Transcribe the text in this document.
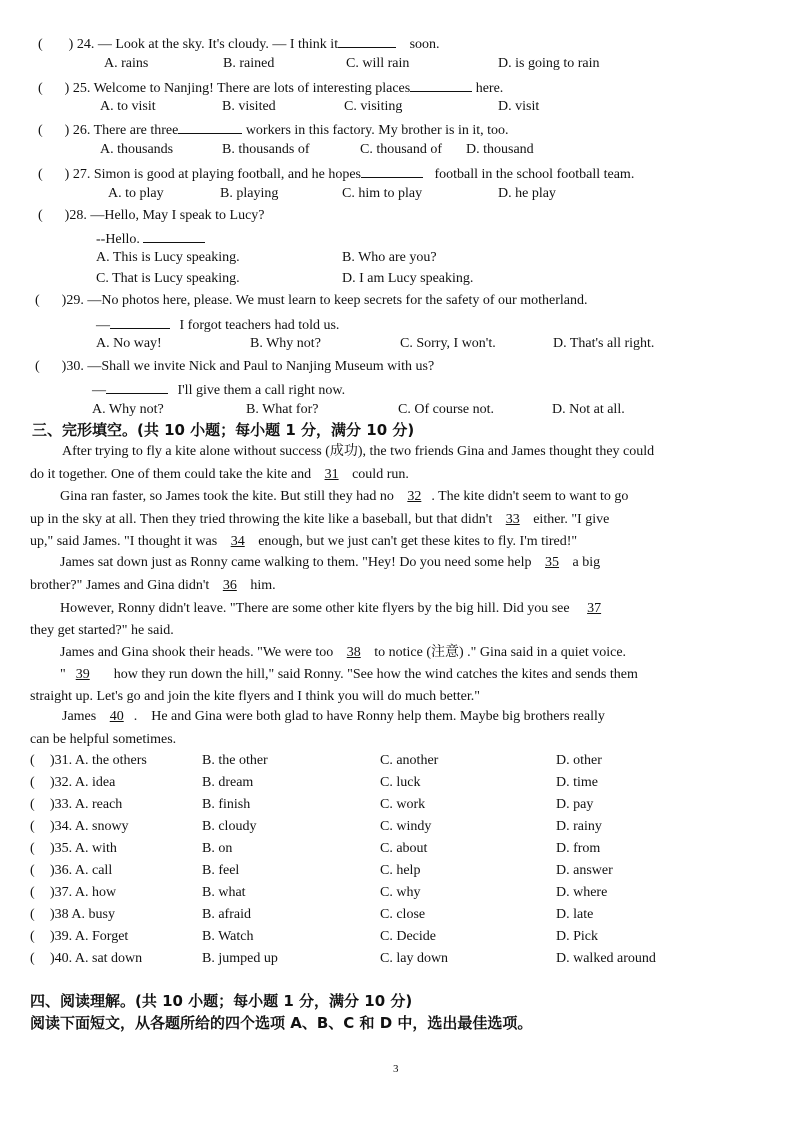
( ) 24. — Look at the sky. It's cloudy. — I think it	soon.
A. rains	B. rained	C. will rain	D. is going to rain
( ) 25. Welcome to Nanjing! There are lots of interesting places	here.
A. to visit	B. visited	C. visiting	D. visit
( ) 26. There are three	workers in this factory. My brother is in it, too.
A. thousands	B. thousands of	C. thousand of D. thousand
( ) 27. Simon is good at playing football, and he hopes	football in the school football team.
A. to play	B. playing	C. him to play	D. he play
( )28. —Hello, May I speak to Lucy?
--Hello.
A. This is Lucy speaking.	B. Who are you?
C. That is Lucy speaking.	D. I am Lucy speaking.
( )29. —No photos here, please. We must learn to keep secrets for the safety of our motherland.
—	I forgot teachers had told us.
A. No way!	B. Why not?	C. Sorry, I won't.	D. That's all right.
( )30. —Shall we invite Nick and Paul to Nanjing Museum with us?
—	I'll give them a call right now.
A. Why not?	B. What for?	C. Of course not.	D. Not at all.
三、完形填空。(共 10 小题；每小题 1 分，满分 10 分)
After trying to fly a kite alone without success (成功), the two friends Gina and James thought they could
do it together. One of them could take the kite and 31 could run.
Gina ran faster, so James took the kite. But still they had no 32 . The kite didn't seem to want to go
up in the sky at all. Then they tried throwing the kite like a baseball, but that didn't 33 either. "I give
up," said James. "I thought it was 34 enough, but we just can't get these kites to fly. I'm tired!"
James sat down just as Ronny came walking to them. "Hey! Do you need some help 35 a big
brother?" James and Gina didn't 36 him.
However, Ronny didn't leave. "There are some other kite flyers by the big hill. Did you see 37
they get started?" he said.
James and Gina shook their heads. "We were too 38 to notice (注意) ." Gina said in a quiet voice.
" 39    how they run down the hill," said Ronny. "See how the wind catches the kites and sends them
straight up. Let's go and join the kite flyers and I think you will do much better."
James 40 .    He and Gina were both glad to have Ronny help them. Maybe big brothers really
can be helpful sometimes.
( )31. A. the others	B. the other	C. another	D. other
( )32. A. idea	B. dream	C. luck	D. time
( )33. A. reach	B. finish	C. work	D. pay
( )34. A. snowy	B. cloudy	C. windy	D. rainy
( )35. A. with	B. on	C. about	D. from
( )36. A. call	B. feel	C. help	D. answer
( )37. A. how	B. what	C. why	D. where
( )38 A. busy	B. afraid	C. close	D. late
( )39. A. Forget	B. Watch	C. Decide	D. Pick
( )40. A. sat down	B. jumped up	C. lay down	D. walked around
四、阅读理解。(共 10 小题；每小题 1 分，满分 10 分)
阅读下面短文，从各题所给的四个选项 A、B、C 和 D 中，选出最佳选项。
3
